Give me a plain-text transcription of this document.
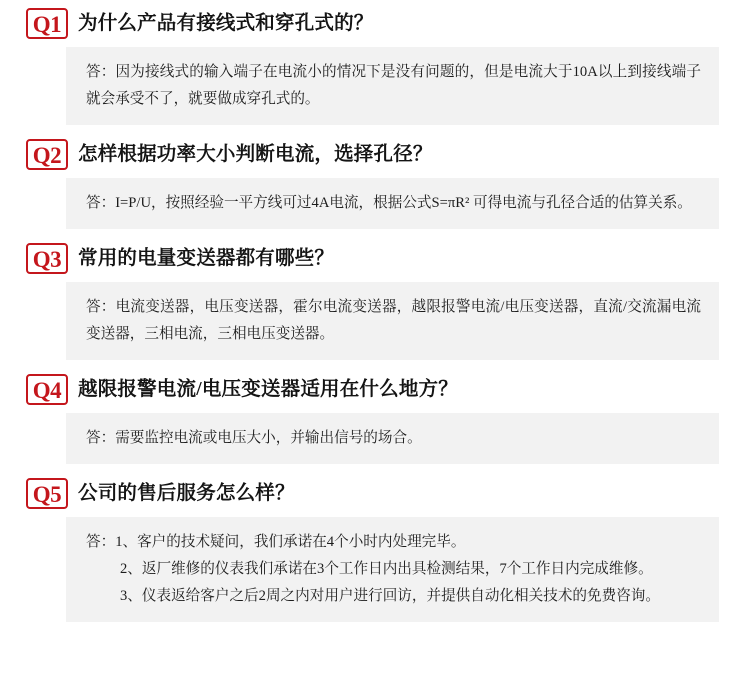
Q1 为什么产品有接线式和穿孔式的？
答：因为接线式的输入端子在电流小的情况下是没有问题的，但是电流大于10A以上到接线端子就会承受不了，就要做成穿孔式的。
Q2 怎样根据功率大小判断电流，选择孔径？
答：I=P/U，按照经验一平方线可过4A电流，根据公式S=πR² 可得电流与孔径合适的估算关系。
Q3 常用的电量变送器都有哪些？
答：电流变送器，电压变送器，霍尔电流变送器，越限报警电流/电压变送器，直流/交流漏电流变送器，三相电流，三相电压变送器。
Q4 越限报警电流/电压变送器适用在什么地方？
答：需要监控电流或电压大小，并输出信号的场合。
Q5 公司的售后服务怎么样？
答：1、客户的技术疑问，我们承诺在4个小时内处理完毕。
2、返厂维修的仪表我们承诺在3个工作日内出具检测结果，7个工作日内完成维修。
3、仪表返给客户之后2周之内对用户进行回访，并提供自动化相关技术的免费咨询。
